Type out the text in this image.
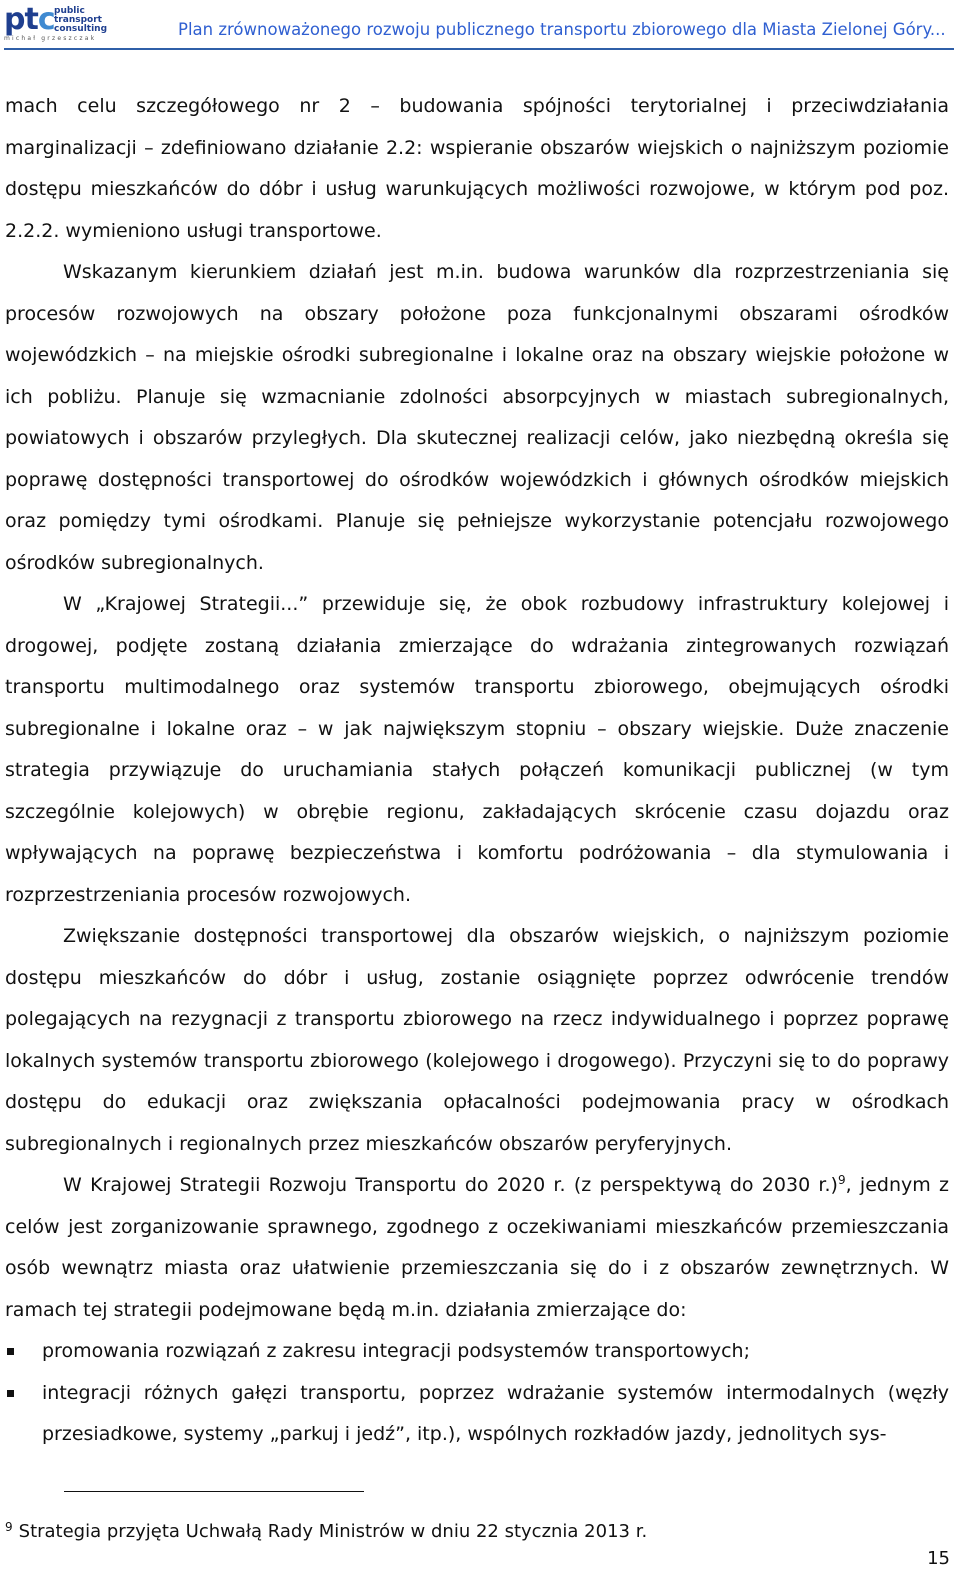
ptc public
transport
consulting
michał grzeszczak	Plan zrównoważonego rozwoju publicznego transportu zbiorowego dla Miasta Zielonej Góry...

mach celu szczegółowego nr 2 – budowania spójności terytorialnej i przeciwdziałania marginalizacji – zdefiniowano działanie 2.2: wspieranie obszarów wiejskich o najniższym poziomie dostępu mieszkańców do dóbr i usług warunkujących możliwości rozwojowe, w którym pod poz. 2.2.2. wymieniono usługi transportowe.

Wskazanym kierunkiem działań jest m.in. budowa warunków dla rozprzestrzeniania się procesów rozwojowych na obszary położone poza funkcjonalnymi obszarami ośrodków wojewódzkich – na miejskie ośrodki subregionalne i lokalne oraz na obszary wiejskie położone w ich pobliżu. Planuje się wzmacnianie zdolności absorpcyjnych w miastach subregionalnych, powiatowych i obszarów przyległych. Dla skutecznej realizacji celów, jako niezbędną określa się poprawę dostępności transportowej do ośrodków wojewódzkich i głównych ośrodków miejskich oraz pomiędzy tymi ośrodkami. Planuje się pełniejsze wykorzystanie potencjału rozwojowego ośrodków subregionalnych.

W „Krajowej Strategii...” przewiduje się, że obok rozbudowy infrastruktury kolejowej i drogowej, podjęte zostaną działania zmierzające do wdrażania zintegrowanych rozwiązań transportu multimodalnego oraz systemów transportu zbiorowego, obejmujących ośrodki subregionalne i lokalne oraz – w jak największym stopniu – obszary wiejskie. Duże znaczenie strategia przywiązuje do uruchamiania stałych połączeń komunikacji publicznej (w tym szczególnie kolejowych) w obrębie regionu, zakładających skrócenie czasu dojazdu oraz wpływających na poprawę bezpieczeństwa i komfortu podróżowania – dla stymulowania i rozprzestrzeniania procesów rozwojowych.

Zwiększanie dostępności transportowej dla obszarów wiejskich, o najniższym poziomie dostępu mieszkańców do dóbr i usług, zostanie osiągnięte poprzez odwrócenie trendów polegających na rezygnacji z transportu zbiorowego na rzecz indywidualnego i poprzez poprawę lokalnych systemów transportu zbiorowego (kolejowego i drogowego). Przyczyni się to do poprawy dostępu do edukacji oraz zwiększania opłacalności podejmowania pracy w ośrodkach subregionalnych i regionalnych przez mieszkańców obszarów peryferyjnych.

W Krajowej Strategii Rozwoju Transportu do 2020 r. (z perspektywą do 2030 r.)$^9$, jednym z celów jest zorganizowanie sprawnego, zgodnego z oczekiwaniami mieszkańców przemieszczania osób wewnątrz miasta oraz ułatwienie przemieszczania się do i z obszarów zewnętrznych. W ramach tej strategii podejmowane będą m.in. działania zmierzające do:

promowania rozwiązań z zakresu integracji podsystemów transportowych;
integracji różnych gałęzi transportu, poprzez wdrażanie systemów intermodalnych (węzły przesiadkowe, systemy „parkuj i jedź”, itp.), wspólnych rozkładów jazdy, jednolitych sys-
$^9$ Strategia przyjęta Uchwałą Rady Ministrów w dniu 22 stycznia 2013 r.
15
